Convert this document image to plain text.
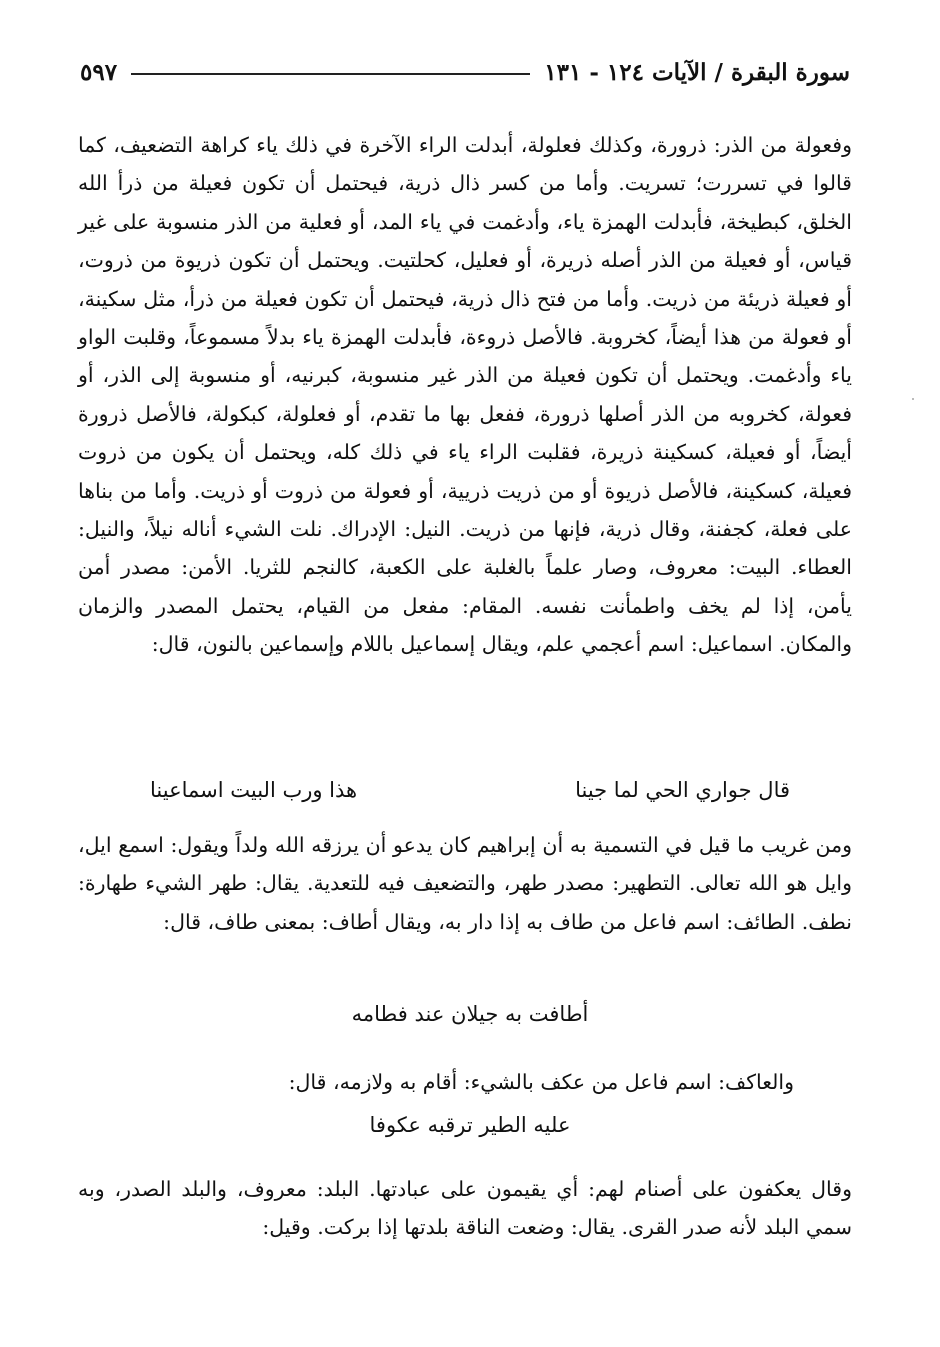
سورة البقرة / الآيات ١٢٤ - ١٣١
٥٩٧

وفعولة من الذر: ذرورة، وكذلك فعلولة، أبدلت الراء الآخرة في ذلك ياء كراهة التضعيف، كما قالوا في تسررت؛ تسريت. وأما من كسر ذال ذرية، فيحتمل أن تكون فعيلة من ذرأ الله الخلق، كبطيخة، فأبدلت الهمزة ياء، وأدغمت في ياء المد، أو فعلية من الذر منسوبة على غير قياس، أو فعيلة من الذر أصله ذريرة، أو فعليل، كحلتيت. ويحتمل أن تكون ذريوة من ذروت، أو فعيلة ذريئة من ذريت. وأما من فتح ذال ذرية، فيحتمل أن تكون فعيلة من ذرأ، مثل سكينة، أو فعولة من هذا أيضاً، كخروبة. فالأصل ذروءة، فأبدلت الهمزة ياء بدلاً مسموعاً، وقلبت الواو ياء وأدغمت. ويحتمل أن تكون فعيلة من الذر غير منسوبة، كبرنيه، أو منسوبة إلى الذر، أو فعولة، كخروبه من الذر أصلها ذرورة، ففعل بها ما تقدم، أو فعلولة، كبكولة، فالأصل ذرورة أيضاً، أو فعيلة، كسكينة ذريرة، فقلبت الراء ياء في ذلك كله، ويحتمل أن يكون من ذروت فعيلة، كسكينة، فالأصل ذريوة أو من ذريت ذريية، أو فعولة من ذروت أو ذريت. وأما من بناها على فعلة، كجفنة، وقال ذرية، فإنها من ذريت. النيل: الإدراك. نلت الشيء أناله نيلاً، والنيل: العطاء. البيت: معروف، وصار علماً بالغلبة على الكعبة، كالنجم للثريا. الأمن: مصدر أمن يأمن، إذا لم يخف واطمأنت نفسه. المقام: مفعل من القيام، يحتمل المصدر والزمان والمكان. اسماعيل: اسم أعجمي علم، ويقال إسماعيل باللام وإسماعين بالنون، قال:

قال جواري الحي لما جينا
هذا ورب البيت اسماعينا

ومن غريب ما قيل في التسمية به أن إبراهيم كان يدعو أن يرزقه الله ولداً ويقول: اسمع ايل، وايل هو الله تعالى. التطهير: مصدر طهر، والتضعيف فيه للتعدية. يقال: طهر الشيء طهارة: نطف. الطائف: اسم فاعل من طاف به إذا دار به، ويقال أطاف: بمعنى طاف، قال:

أطافت به جيلان عند فطامه
والعاكف: اسم فاعل من عكف بالشيء: أقام به ولازمه، قال:
عليه الطير ترقبه عكوفا

وقال يعكفون على أصنام لهم: أي يقيمون على عبادتها. البلد: معروف، والبلد الصدر، وبه سمي البلد لأنه صدر القرى. يقال: وضعت الناقة بلدتها إذا بركت. وقيل:
